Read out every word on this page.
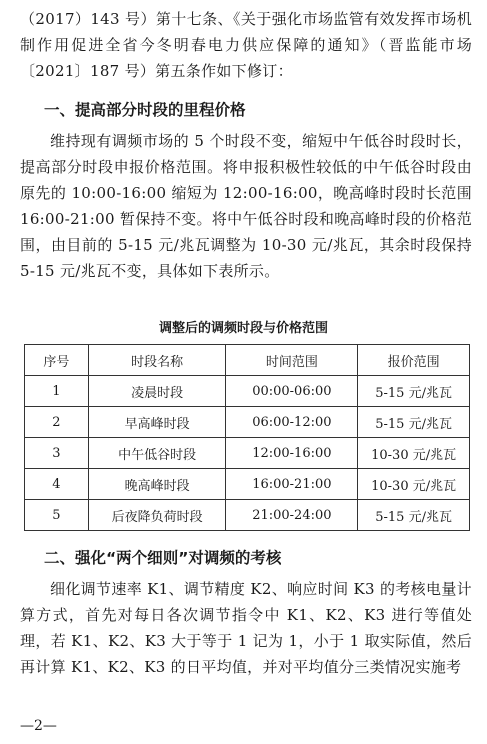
（2017）143 号）第十七条、《关于强化市场监管有效发挥市场机制作用促进全省今冬明春电力供应保障的通知》（晋监能市场〔2021〕187 号）第五条作如下修订：

一、提高部分时段的里程价格

维持现有调频市场的 5 个时段不变，缩短中午低谷时段时长，提高部分时段申报价格范围。将申报积极性较低的中午低谷时段由原先的 10:00-16:00 缩短为 12:00-16:00，晚高峰时段时长范围 16:00-21:00 暂保持不变。将中午低谷时段和晚高峰时段的价格范围，由目前的 5-15 元/兆瓦调整为 10-30 元/兆瓦，其余时段保持 5-15 元/兆瓦不变，具体如下表所示。

调整后的调频时段与价格范围
序号	时段名称	时间范围	报价范围
1	凌晨时段	00:00-06:00	5-15 元/兆瓦
2	早高峰时段	06:00-12:00	5-15 元/兆瓦
3	中午低谷时段	12:00-16:00	10-30 元/兆瓦
4	晚高峰时段	16:00-21:00	10-30 元/兆瓦
5	后夜降负荷时段	21:00-24:00	5-15 元/兆瓦

二、强化“两个细则”对调频的考核

细化调节速率 K1、调节精度 K2、响应时间 K3 的考核电量计算方式，首先对每日各次调节指令中 K1、K2、K3 进行等值处理，若 K1、K2、K3 大于等于 1 记为 1，小于 1 取实际值，然后再计算 K1、K2、K3 的日平均值，并对平均值分三类情况实施考

—2—
